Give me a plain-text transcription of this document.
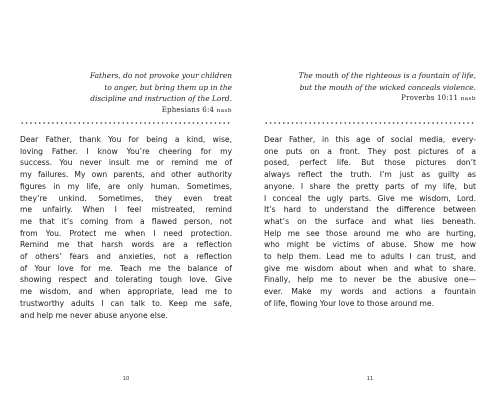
Fathers, do not provoke your children
to anger, but bring them up in the
discipline and instruction of the Lord.
Ephesians 6:4 nasb
Dear Father, thank You for being a kind, wise,
loving Father. I know You’re cheering for my
success. You never insult me or remind me of
my failures. My own parents, and other authority
figures in my life, are only human. Sometimes,
they’re unkind. Sometimes, they even treat
me unfairly. When I feel mistreated, remind
me that it’s coming from a flawed person, not
from You. Protect me when I need protection.
Remind me that harsh words are a reflection
of others’ fears and anxieties, not a reflection
of Your love for me. Teach me the balance of
showing respect and tolerating tough love. Give
me wisdom, and when appropriate, lead me to
trustworthy adults I can talk to. Keep me safe,
and help me never abuse anyone else.
10
The mouth of the righteous is a fountain of life,
but the mouth of the wicked conceals violence.
Proverbs 10:11 nasb
Dear Father, in this age of social media, every-
one puts on a front. They post pictures of a
posed, perfect life. But those pictures don’t
always reflect the truth. I’m just as guilty as
anyone. I share the pretty parts of my life, but
I conceal the ugly parts. Give me wisdom, Lord.
It’s hard to understand the difference between
what’s on the surface and what lies beneath.
Help me see those around me who are hurting,
who might be victims of abuse. Show me how
to help them. Lead me to adults I can trust, and
give me wisdom about when and what to share.
Finally, help me to never be the abusive one—
ever. Make my words and actions a fountain
of life, flowing Your love to those around me.
11
